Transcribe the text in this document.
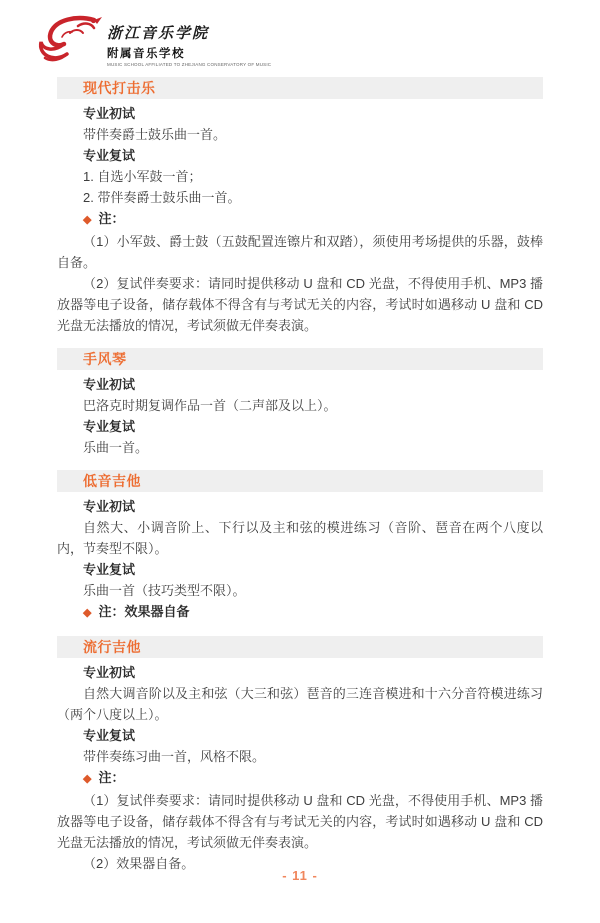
浙江音乐学院
附属音乐学校
MUSIC SCHOOL AFFILIATED TO ZHEJIANG CONSERVATORY OF MUSIC
现代打击乐

专业初试

带伴奏爵士鼓乐曲一首。

专业复试

1. 自选小军鼓一首；

2. 带伴奏爵士鼓乐曲一首。

◆ 注：

（1）小军鼓、爵士鼓（五鼓配置连镲片和双踏），须使用考场提供的乐器，鼓棒自备。

（2）复试伴奏要求：请同时提供移动 U 盘和 CD 光盘，不得使用手机、MP3 播放器等电子设备，储存载体不得含有与考试无关的内容，考试时如遇移动 U 盘和 CD 光盘无法播放的情况，考试须做无伴奏表演。

手风琴

专业初试

巴洛克时期复调作品一首（二声部及以上）。

专业复试

乐曲一首。

低音吉他

专业初试

自然大、小调音阶上、下行以及主和弦的模进练习（音阶、琶音在两个八度以内，节奏型不限）。

专业复试

乐曲一首（技巧类型不限）。

◆ 注：效果器自备

流行吉他

专业初试

自然大调音阶以及主和弦（大三和弦）琶音的三连音模进和十六分音符模进练习（两个八度以上）。

专业复试

带伴奏练习曲一首，风格不限。

◆ 注：

（1）复试伴奏要求：请同时提供移动 U 盘和 CD 光盘，不得使用手机、MP3 播放器等电子设备，储存载体不得含有与考试无关的内容，考试时如遇移动 U 盘和 CD 光盘无法播放的情况，考试须做无伴奏表演。

（2）效果器自备。

- 11 -
